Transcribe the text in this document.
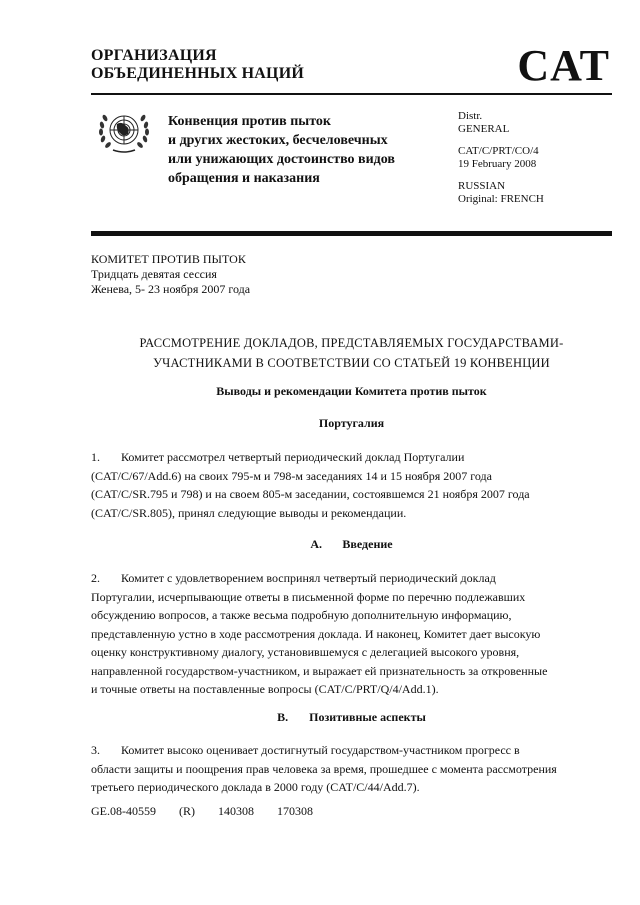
ОРГАНИЗАЦИЯ
ОБЪЕДИНЕННЫХ НАЦИЙ	CAT
Конвенция против пыток
и других жестоких, бесчеловечных
или унижающих достоинство видов
обращения и наказания
Distr.
GENERAL
CAT/C/PRT/CO/4
19 February 2008
RUSSIAN
Original: FRENCH
КОМИТЕТ ПРОТИВ ПЫТОК
Тридцать девятая сессия
Женева, 5- 23 ноября 2007 года
РАССМОТРЕНИЕ ДОКЛАДОВ, ПРЕДСТАВЛЯЕМЫХ ГОСУДАРСТВАМИ-
УЧАСТНИКАМИ В СООТВЕТСТВИИ СО СТАТЬЕЙ 19 КОНВЕНЦИИ
Выводы и рекомендации Комитета против пыток
Португалия
1. Комитет рассмотрел четвертый периодический доклад Португалии
(CAT/C/67/Add.6) на своих 795-м и 798-м заседаниях 14 и 15 ноября 2007 года
(CAT/C/SR.795 и 798) и на своем 805-м заседании, состоявшемся 21 ноября 2007 года
(CAT/C/SR.805), принял следующие выводы и рекомендации.
A. Введение
2. Комитет с удовлетворением воспринял четвертый периодический доклад
Португалии, исчерпывающие ответы в письменной форме по перечню подлежавших
обсуждению вопросов, а также весьма подробную дополнительную информацию,
представленную устно в ходе рассмотрения доклада. И наконец, Комитет дает высокую
оценку конструктивному диалогу, установившемуся с делегацией высокого уровня,
направленной государством-участником, и выражает ей признательность за откровенные
и точные ответы на поставленные вопросы (CAT/C/PRT/Q/4/Add.1).
B. Позитивные аспекты
3. Комитет высоко оценивает достигнутый государством-участником прогресс в
области защиты и поощрения прав человека за время, прошедшее с момента рассмотрения
третьего периодического доклада в 2000 году (CAT/C/44/Add.7).
GE.08-40559 (R) 140308 170308
